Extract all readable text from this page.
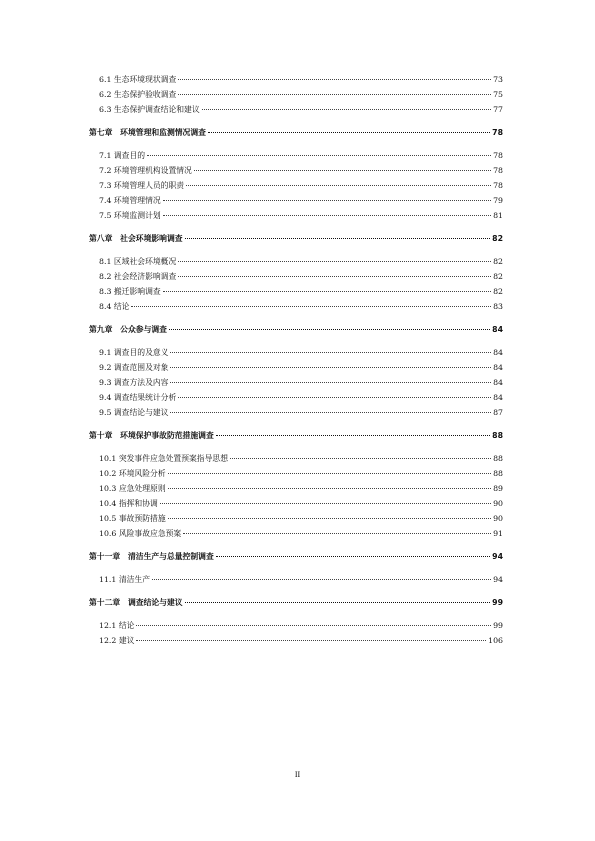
6.1 生态环境现状调查	73
6.2 生态保护验收调查	75
6.3 生态保护调查结论和建议	77
第七章　环境管理和监测情况调查	78
7.1 调查目的	78
7.2 环境管理机构设置情况	78
7.3 环境管理人员的职责	78
7.4 环境管理情况	79
7.5 环境监测计划	81
第八章　社会环境影响调查	82
8.1 区域社会环境概况	82
8.2 社会经济影响调查	82
8.3 搬迁影响调查	82
8.4 结论	83
第九章　公众参与调查	84
9.1 调查目的及意义	84
9.2 调查范围及对象	84
9.3 调查方法及内容	84
9.4 调查结果统计分析	84
9.5 调查结论与建议	87
第十章　环境保护事故防范措施调查	88
10.1 突发事件应急处置预案指导思想	88
10.2 环境风险分析	88
10.3 应急处理原则	89
10.4 指挥和协调	90
10.5 事故预防措施	90
10.6 风险事故应急预案	91
第十一章　清洁生产与总量控制调查	94
11.1 清洁生产	94
第十二章　调查结论与建议	99
12.1 结论	99
12.2 建议	106
II
